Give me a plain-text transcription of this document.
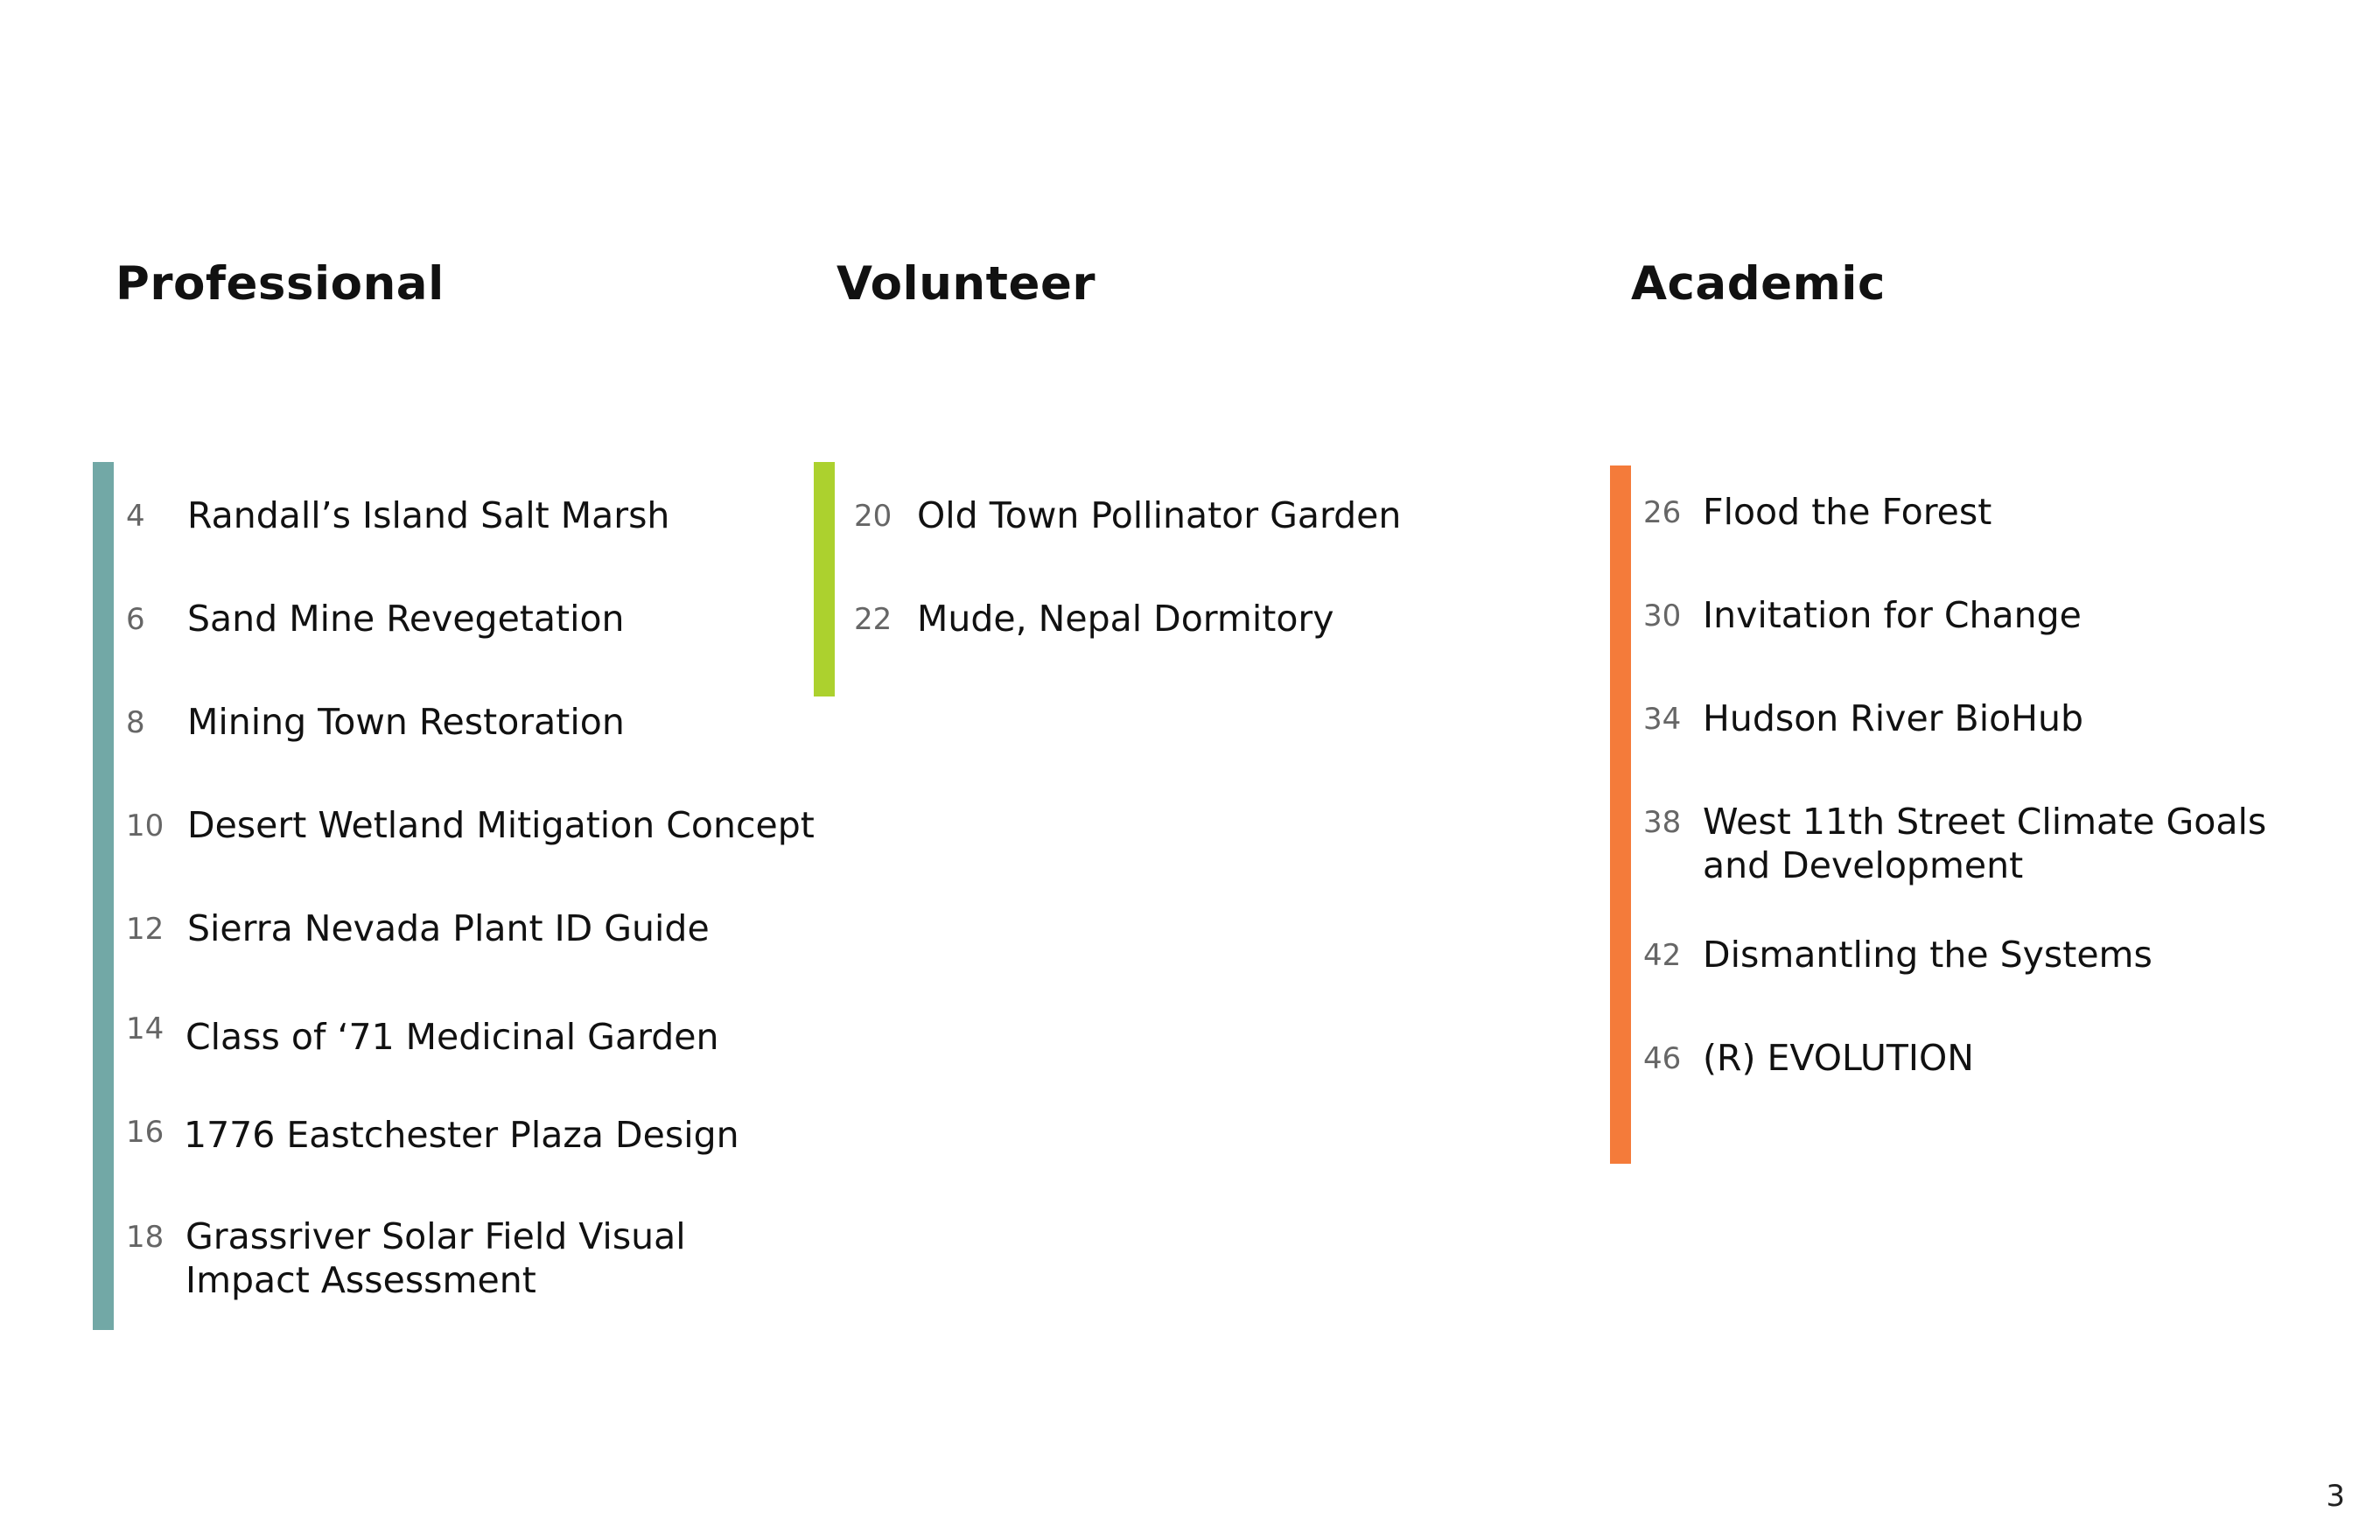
Professional
4 Randall’s Island Salt Marsh
6 Sand Mine Revegetation
8 Mining Town Restoration
10 Desert Wetland Mitigation Concept
12 Sierra Nevada Plant ID Guide
14 Class of ‘71 Medicinal Garden
16 1776 Eastchester Plaza Design
18 Grassriver Solar Field Visual Impact Assessment
Volunteer
20 Old Town Pollinator Garden
22 Mude, Nepal Dormitory
Academic
26 Flood the Forest
30 Invitation for Change
34 Hudson River BioHub
38 West 11th Street Climate Goals and Development
42 Dismantling the Systems
46 (R) EVOLUTION
3
